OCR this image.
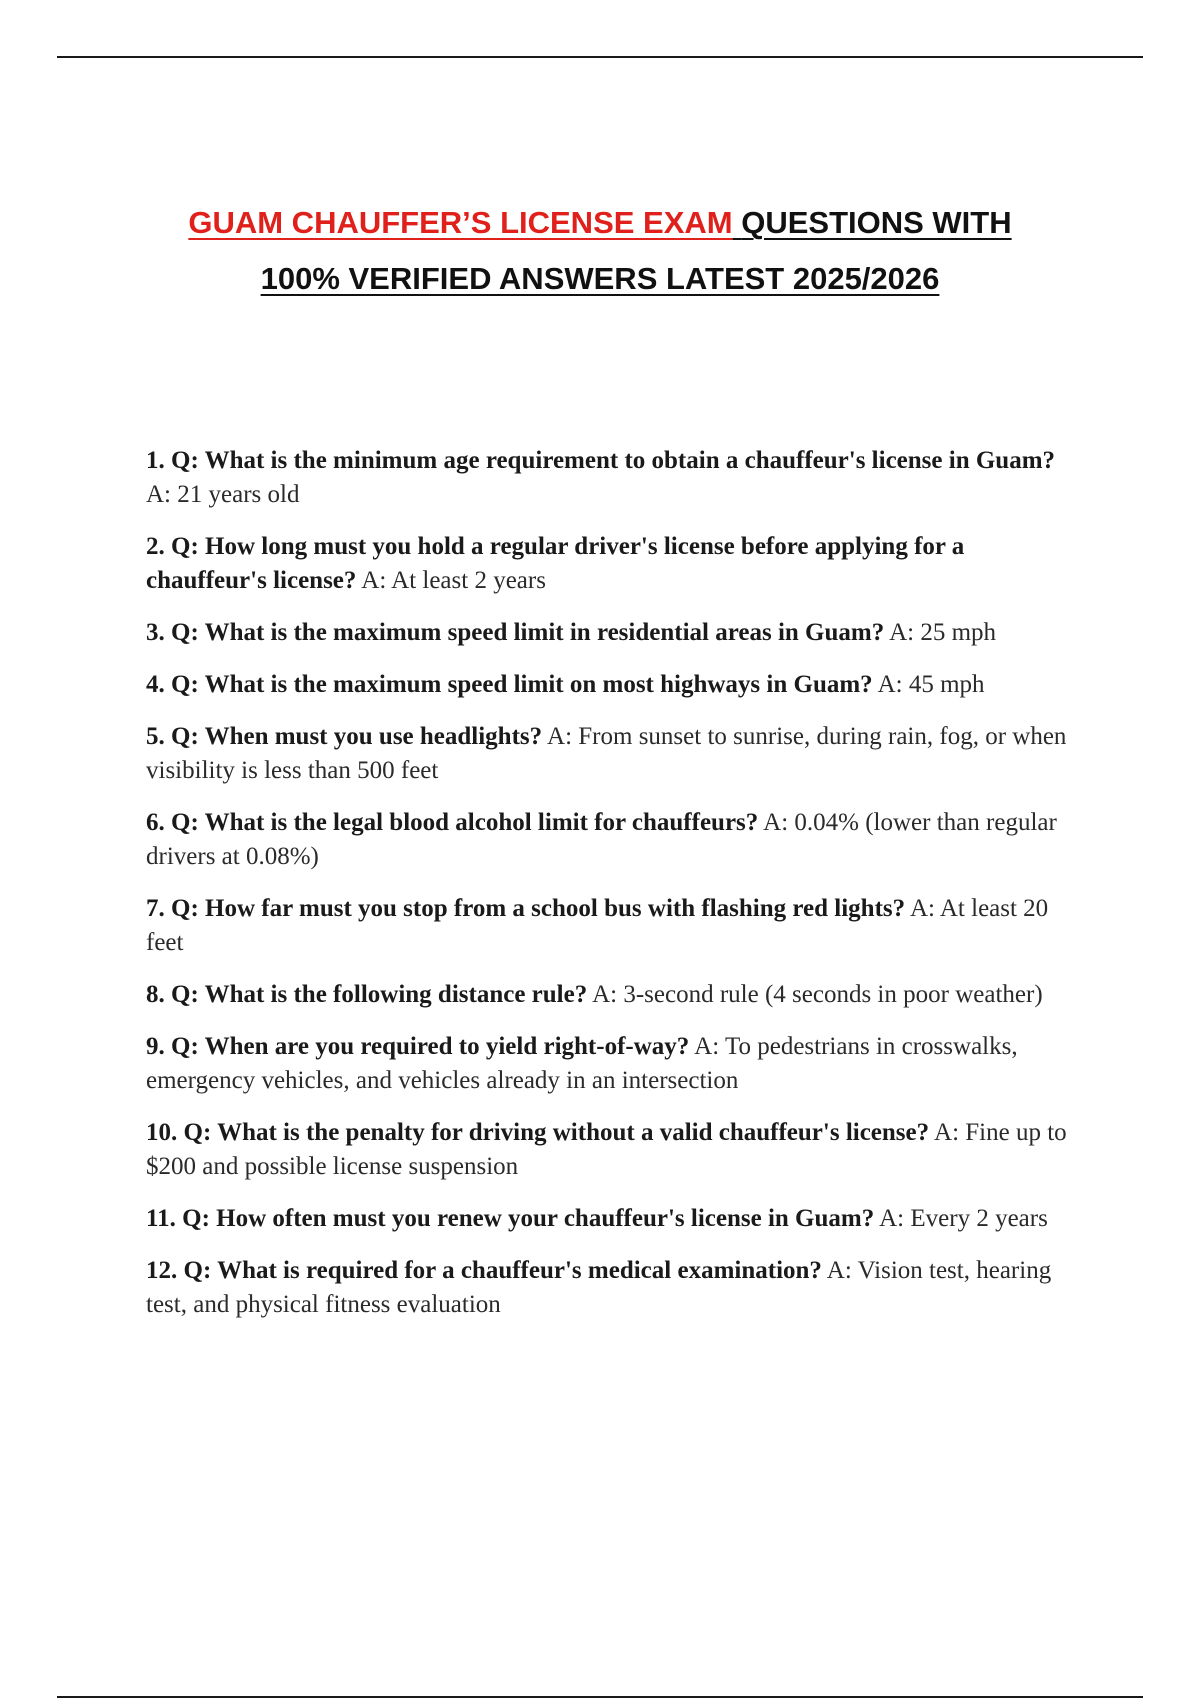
GUAM CHAUFFER’S LICENSE EXAM QUESTIONS WITH
100% VERIFIED ANSWERS LATEST 2025/2026

1. Q: What is the minimum age requirement to obtain a chauffeur's license in Guam? A: 21 years old

2. Q: How long must you hold a regular driver's license before applying for a chauffeur's license? A: At least 2 years

3. Q: What is the maximum speed limit in residential areas in Guam? A: 25 mph

4. Q: What is the maximum speed limit on most highways in Guam? A: 45 mph

5. Q: When must you use headlights? A: From sunset to sunrise, during rain, fog, or when visibility is less than 500 feet

6. Q: What is the legal blood alcohol limit for chauffeurs? A: 0.04% (lower than regular drivers at 0.08%)

7. Q: How far must you stop from a school bus with flashing red lights? A: At least 20 feet

8. Q: What is the following distance rule? A: 3-second rule (4 seconds in poor weather)

9. Q: When are you required to yield right-of-way? A: To pedestrians in crosswalks, emergency vehicles, and vehicles already in an intersection

10. Q: What is the penalty for driving without a valid chauffeur's license? A: Fine up to $200 and possible license suspension

11. Q: How often must you renew your chauffeur's license in Guam? A: Every 2 years

12. Q: What is required for a chauffeur's medical examination? A: Vision test, hearing test, and physical fitness evaluation
